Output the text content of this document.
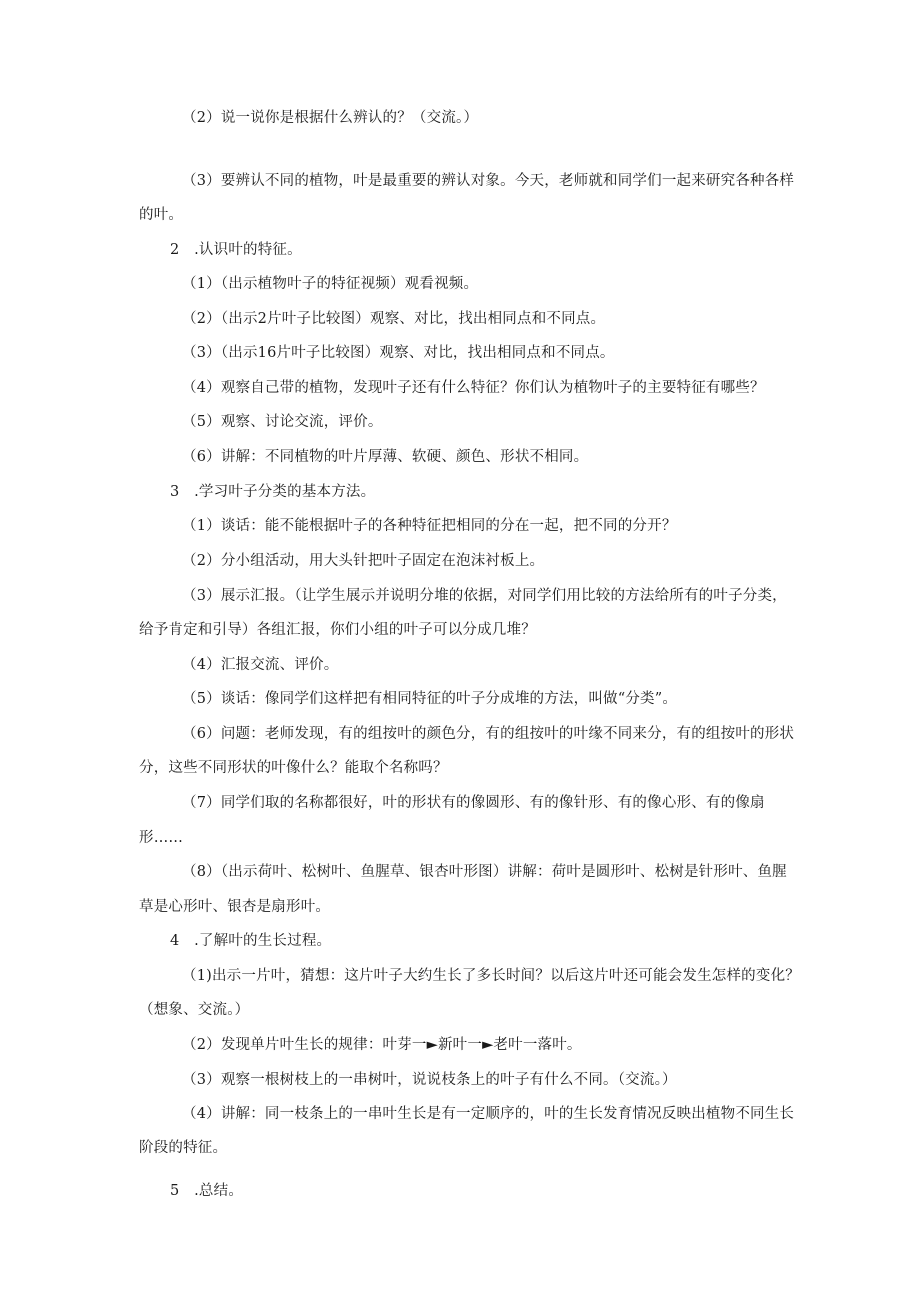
（2）说一说你是根据什么辨认的？（交流。）
（3）要辨认不同的植物，叶是最重要的辨认对象。今天，老师就和同学们一起来研究各种各样
的叶。
2　.认识叶的特征。
（1）（出示植物叶子的特征视频）观看视频。
（2）（出示2片叶子比较图）观察、对比，找出相同点和不同点。
（3）（出示16片叶子比较图）观察、对比，找出相同点和不同点。
（4）观察自己带的植物，发现叶子还有什么特征？你们认为植物叶子的主要特征有哪些？
（5）观察、讨论交流，评价。
（6）讲解：不同植物的叶片厚薄、软硬、颜色、形状不相同。
3　.学习叶子分类的基本方法。
（1）谈话：能不能根据叶子的各种特征把相同的分在一起，把不同的分开？
（2）分小组活动，用大头针把叶子固定在泡沫衬板上。
（3）展示汇报。（让学生展示并说明分堆的依据，对同学们用比较的方法给所有的叶子分类，
给予肯定和引导）各组汇报，你们小组的叶子可以分成几堆？
（4）汇报交流、评价。
（5）谈话：像同学们这样把有相同特征的叶子分成堆的方法，叫做“分类”。
（6）问题：老师发现，有的组按叶的颜色分，有的组按叶的叶缘不同来分，有的组按叶的形状
分，这些不同形状的叶像什么？能取个名称吗？
（7）同学们取的名称都很好，叶的形状有的像圆形、有的像针形、有的像心形、有的像扇
形……
（8）（出示荷叶、松树叶、鱼腥草、银杏叶形图）讲解：荷叶是圆形叶、松树是针形叶、鱼腥
草是心形叶、银杏是扇形叶。
4　.了解叶的生长过程。
（1)出示一片叶，猜想：这片叶子大约生长了多长时间？以后这片叶还可能会发生怎样的变化？
（想象、交流。）
（2）发现单片叶生长的规律：叶芽一►新叶一►老叶一落叶。
（3）观察一根树枝上的一串树叶，说说枝条上的叶子有什么不同。（交流。）
（4）讲解：同一枝条上的一串叶生长是有一定顺序的，叶的生长发育情况反映出植物不同生长
阶段的特征。
5　.总结。
